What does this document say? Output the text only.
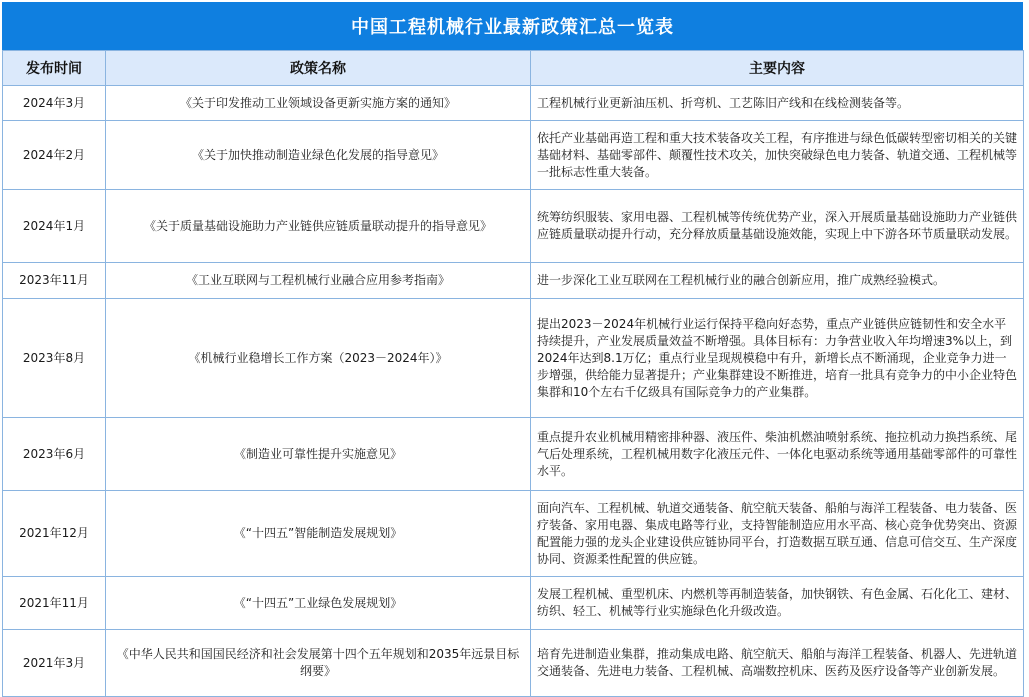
中国工程机械行业最新政策汇总一览表
发布时间	政策名称	主要内容
2024年3月	《关于印发推动工业领域设备更新实施方案的通知》	工程机械行业更新油压机、折弯机、工艺陈旧产线和在线检测装备等。
2024年2月	《关于加快推动制造业绿色化发展的指导意见》	依托产业基础再造工程和重大技术装备攻关工程，有序推进与绿色低碳转型密切相关的关键基础材料、基础零部件、颠覆性技术攻关，加快突破绿色电力装备、轨道交通、工程机械等一批标志性重大装备。
2024年1月	《关于质量基础设施助力产业链供应链质量联动提升的指导意见》	统筹纺织服装、家用电器、工程机械等传统优势产业，深入开展质量基础设施助力产业链供应链质量联动提升行动，充分释放质量基础设施效能，实现上中下游各环节质量联动发展。
2023年11月	《工业互联网与工程机械行业融合应用参考指南》	进一步深化工业互联网在工程机械行业的融合创新应用，推广成熟经验模式。
2023年8月	《机械行业稳增长工作方案（2023－2024年）》	提出2023－2024年机械行业运行保持平稳向好态势，重点产业链供应链韧性和安全水平持续提升，产业发展质量效益不断增强。具体目标有：力争营业收入年均增速3%以上，到2024年达到8.1万亿；重点行业呈现规模稳中有升，新增长点不断涌现，企业竞争力进一步增强，供给能力显著提升；产业集群建设不断推进，培育一批具有竞争力的中小企业特色集群和10个左右千亿级具有国际竞争力的产业集群。
2023年6月	《制造业可靠性提升实施意见》	重点提升农业机械用精密排种器、液压件、柴油机燃油喷射系统、拖拉机动力换挡系统、尾气后处理系统，工程机械用数字化液压元件、一体化电驱动系统等通用基础零部件的可靠性水平。
2021年12月	《“十四五”智能制造发展规划》	面向汽车、工程机械、轨道交通装备、航空航天装备、船舶与海洋工程装备、电力装备、医疗装备、家用电器、集成电路等行业，支持智能制造应用水平高、核心竞争优势突出、资源配置能力强的龙头企业建设供应链协同平台，打造数据互联互通、信息可信交互、生产深度协同、资源柔性配置的供应链。
2021年11月	《“十四五”工业绿色发展规划》	发展工程机械、重型机床、内燃机等再制造装备，加快钢铁、有色金属、石化化工、建材、纺织、轻工、机械等行业实施绿色化升级改造。
2021年3月	《中华人民共和国国民经济和社会发展第十四个五年规划和2035年远景目标纲要》	培育先进制造业集群，推动集成电路、航空航天、船舶与海洋工程装备、机器人、先进轨道交通装备、先进电力装备、工程机械、高端数控机床、医药及医疗设备等产业创新发展。
